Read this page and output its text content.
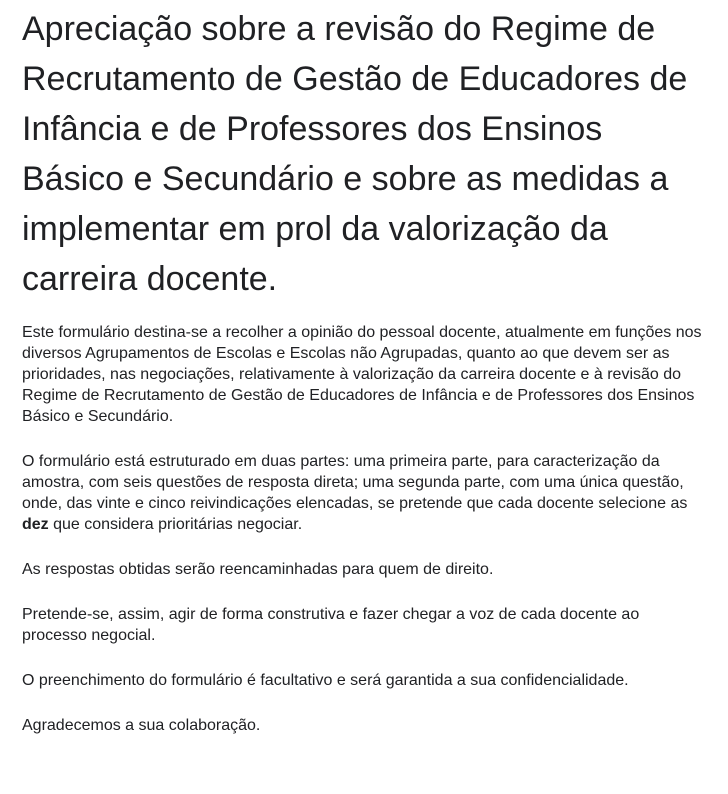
Apreciação sobre a revisão do Regime de Recrutamento de Gestão de Educadores de Infância e de Professores dos Ensinos Básico e Secundário e sobre as medidas a implementar em prol da valorização da carreira docente.

Este formulário destina-se a recolher a opinião do pessoal docente, atualmente em funções nos diversos Agrupamentos de Escolas e Escolas não Agrupadas, quanto ao que devem ser as prioridades, nas negociações, relativamente à valorização da carreira docente e à revisão do Regime de Recrutamento de Gestão de Educadores de Infância e de Professores dos Ensinos Básico e Secundário.

O formulário está estruturado em duas partes: uma primeira parte, para caracterização da amostra, com seis questões de resposta direta; uma segunda parte, com uma única questão, onde, das vinte e cinco reivindicações elencadas, se pretende que cada docente selecione as dez que considera prioritárias negociar.

As respostas obtidas serão reencaminhadas para quem de direito.

Pretende-se, assim, agir de forma construtiva e fazer chegar a voz de cada docente ao processo negocial.

O preenchimento do formulário é facultativo e será garantida a sua confidencialidade.

Agradecemos a sua colaboração.
